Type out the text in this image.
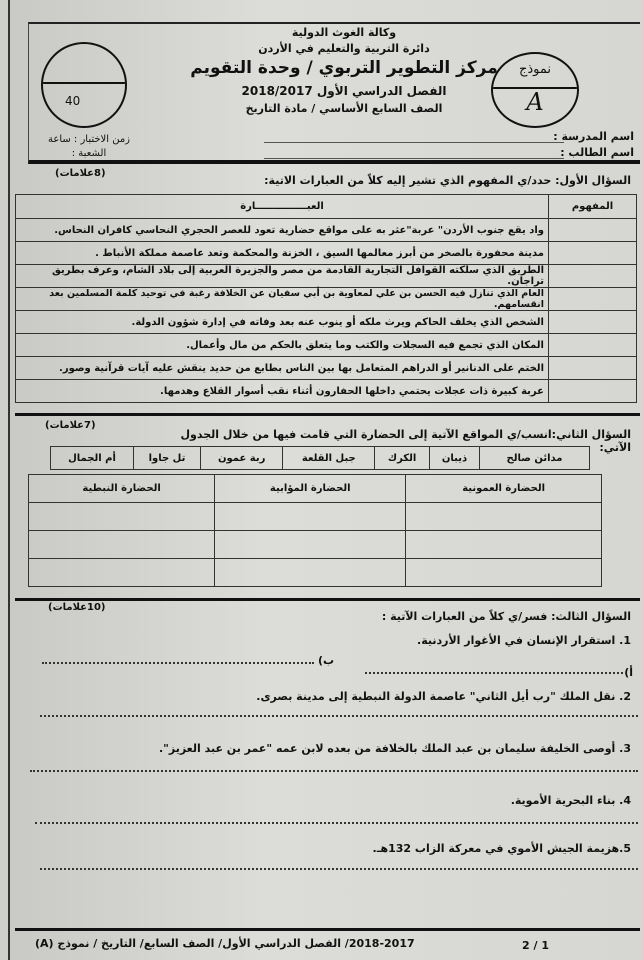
40
زمن الاختبار : ساعة
الشعبة :
وكالة الغوث الدولية
دائرة التربية والتعليم في الأردن
مركز التطوير التربوي / وحدة التقويم
الفصل الدراسي الأول 2018/2017
الصف السابع الأساسي / مادة التاريخ
نموذج
A
اسم المدرسة :
اسم الطالب :
السؤال الأول: حدد/ي المفهوم الذي تشير إليه كلاً من العبارات الاتية:
(8علامات)
المفهوم	العبـــــــــــــــارة
	واد يقع جنوب الأردن" عربة"عثر به على مواقع حضارية تعود للعصر الحجري النحاسي كافران النحاس.
	مدينة محفورة بالصخر من أبرز معالمها السيق ، الخزنة والمحكمة وتعد عاصمة مملكة الأنباط .
	الطريق الذي سلكته القوافل التجارية القادمة من مصر والجزيرة العربية إلى بلاد الشام، وعرف بطريق تراجان.
	العام الذي تنازل فيه الحسن بن علي لمعاوية بن أبي سفيان عن الخلافة رغبة في توحيد كلمة المسلمين بعد انقسامهم.
	الشخص الذي يخلف الحاكم ويرث ملكه أو ينوب عنه بعد وفاته في إدارة شؤون الدولة.
	المكان الذي تجمع فيه السجلات والكتب وما يتعلق بالحكم من مال وأعمال.
	الختم على الدنانير أو الدراهم المتعامل بها بين الناس بطابع من حديد ينقش عليه آيات قرآنية وصور.
	عربة كبيرة ذات عجلات يحتمي داخلها الحفارون أثناء نقب أسوار القلاع وهدمها.
السؤال الثاني:انسب/ي المواقع الآتية إلى الحضارة التي قامت فيها من خلال الجدول الآتي:
(7علامات)
مدائن صالح	ذيبان	الكرك	جبل القلعة	ربة عمون	تل جاوا	أم الجمال
الحضارة العمونية	الحضارة المؤابية	الحضارة النبطية

السؤال الثالث: فسر/ي كلاً من العبارات الآتية :
(10علامات)
1. استقرار الإنسان في الأغوار الأردنية.
أ)
ب)
2. نقل الملك "رب أيل الثاني" عاصمة الدولة النبطية إلى مدينة بصرى.
3. أوصى الخليفة سليمان بن عبد الملك بالخلافة من بعده لابن عمه "عمر بن عبد العزيز".
4. بناء البحرية الأموية.
5.هزيمة الجيش الأموي في معركة الزاب 132هـ.
2018-2017/ الفصل الدراسي الأول/ الصف السابع/ التاريخ / نموذج (A)	2 / 1
